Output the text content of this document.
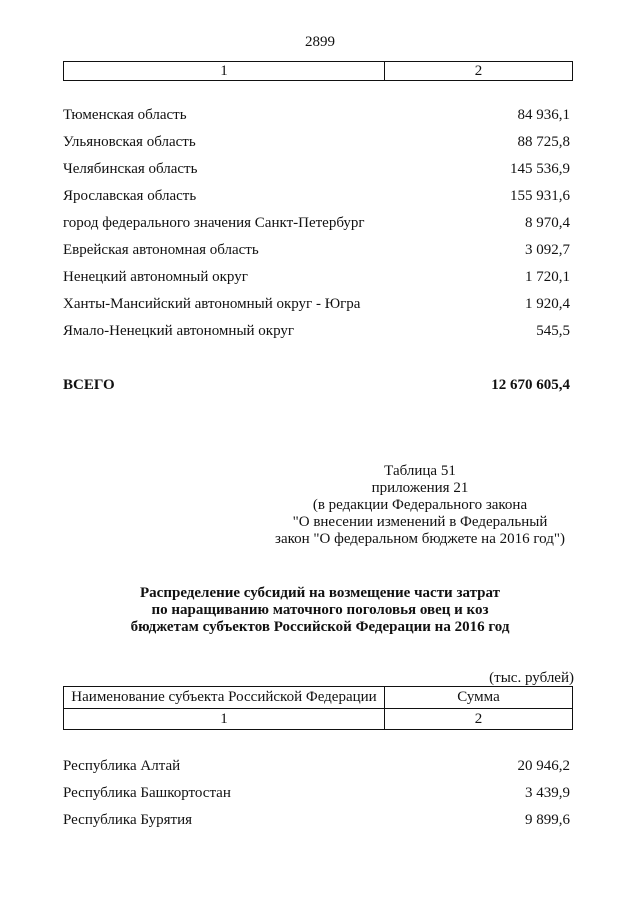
2899
1	2
Тюменская область	84 936,1
Ульяновская область	88 725,8
Челябинская область	145 536,9
Ярославская область	155 931,6
город федерального значения Санкт-Петербург	8 970,4
Еврейская автономная область	3 092,7
Ненецкий автономный округ	1 720,1
Ханты-Мансийский автономный округ - Югра	1 920,4
Ямало-Ненецкий автономный округ	545,5
ВСЕГО	12 670 605,4
Таблица 51
приложения 21
(в редакции Федерального закона
"О внесении изменений в Федеральный
закон "О федеральном бюджете на 2016 год")
Распределение субсидий на возмещение части затрат
по наращиванию маточного поголовья овец и коз
бюджетам субъектов Российской Федерации на 2016 год
(тыс. рублей)
Наименование субъекта Российской Федерации	Сумма
1	2
Республика Алтай	20 946,2
Республика Башкортостан	3 439,9
Республика Бурятия	9 899,6
